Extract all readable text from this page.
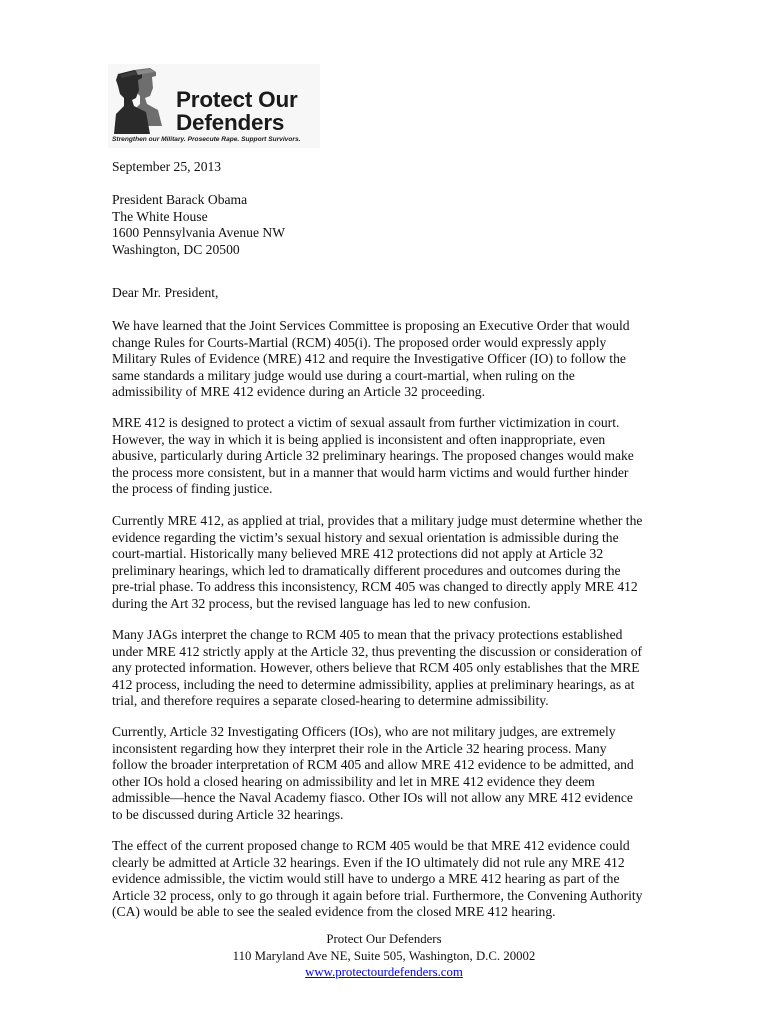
Protect Our
Defenders
Strengthen our Military. Prosecute Rape. Support Survivors.
September 25, 2013
President Barack Obama
The White House
1600 Pennsylvania Avenue NW
Washington, DC 20500
Dear Mr. President,
We have learned that the Joint Services Committee is proposing an Executive Order that would
change Rules for Courts-Martial (RCM) 405(i). The proposed order would expressly apply
Military Rules of Evidence (MRE) 412 and require the Investigative Officer (IO) to follow the
same standards a military judge would use during a court-martial, when ruling on the
admissibility of MRE 412 evidence during an Article 32 proceeding.
MRE 412 is designed to protect a victim of sexual assault from further victimization in court.
However, the way in which it is being applied is inconsistent and often inappropriate, even
abusive, particularly during Article 32 preliminary hearings. The proposed changes would make
the process more consistent, but in a manner that would harm victims and would further hinder
the process of finding justice.
Currently MRE 412, as applied at trial, provides that a military judge must determine whether the
evidence regarding the victim’s sexual history and sexual orientation is admissible during the
court-martial. Historically many believed MRE 412 protections did not apply at Article 32
preliminary hearings, which led to dramatically different procedures and outcomes during the
pre-trial phase. To address this inconsistency, RCM 405 was changed to directly apply MRE 412
during the Art 32 process, but the revised language has led to new confusion.
Many JAGs interpret the change to RCM 405 to mean that the privacy protections established
under MRE 412 strictly apply at the Article 32, thus preventing the discussion or consideration of
any protected information. However, others believe that RCM 405 only establishes that the MRE
412 process, including the need to determine admissibility, applies at preliminary hearings, as at
trial, and therefore requires a separate closed-hearing to determine admissibility.
Currently, Article 32 Investigating Officers (IOs), who are not military judges, are extremely
inconsistent regarding how they interpret their role in the Article 32 hearing process. Many
follow the broader interpretation of RCM 405 and allow MRE 412 evidence to be admitted, and
other IOs hold a closed hearing on admissibility and let in MRE 412 evidence they deem
admissible—hence the Naval Academy fiasco. Other IOs will not allow any MRE 412 evidence
to be discussed during Article 32 hearings.
The effect of the current proposed change to RCM 405 would be that MRE 412 evidence could
clearly be admitted at Article 32 hearings. Even if the IO ultimately did not rule any MRE 412
evidence admissible, the victim would still have to undergo a MRE 412 hearing as part of the
Article 32 process, only to go through it again before trial. Furthermore, the Convening Authority
(CA) would be able to see the sealed evidence from the closed MRE 412 hearing.
Protect Our Defenders
110 Maryland Ave NE, Suite 505, Washington, D.C. 20002
www.protectourdefenders.com
